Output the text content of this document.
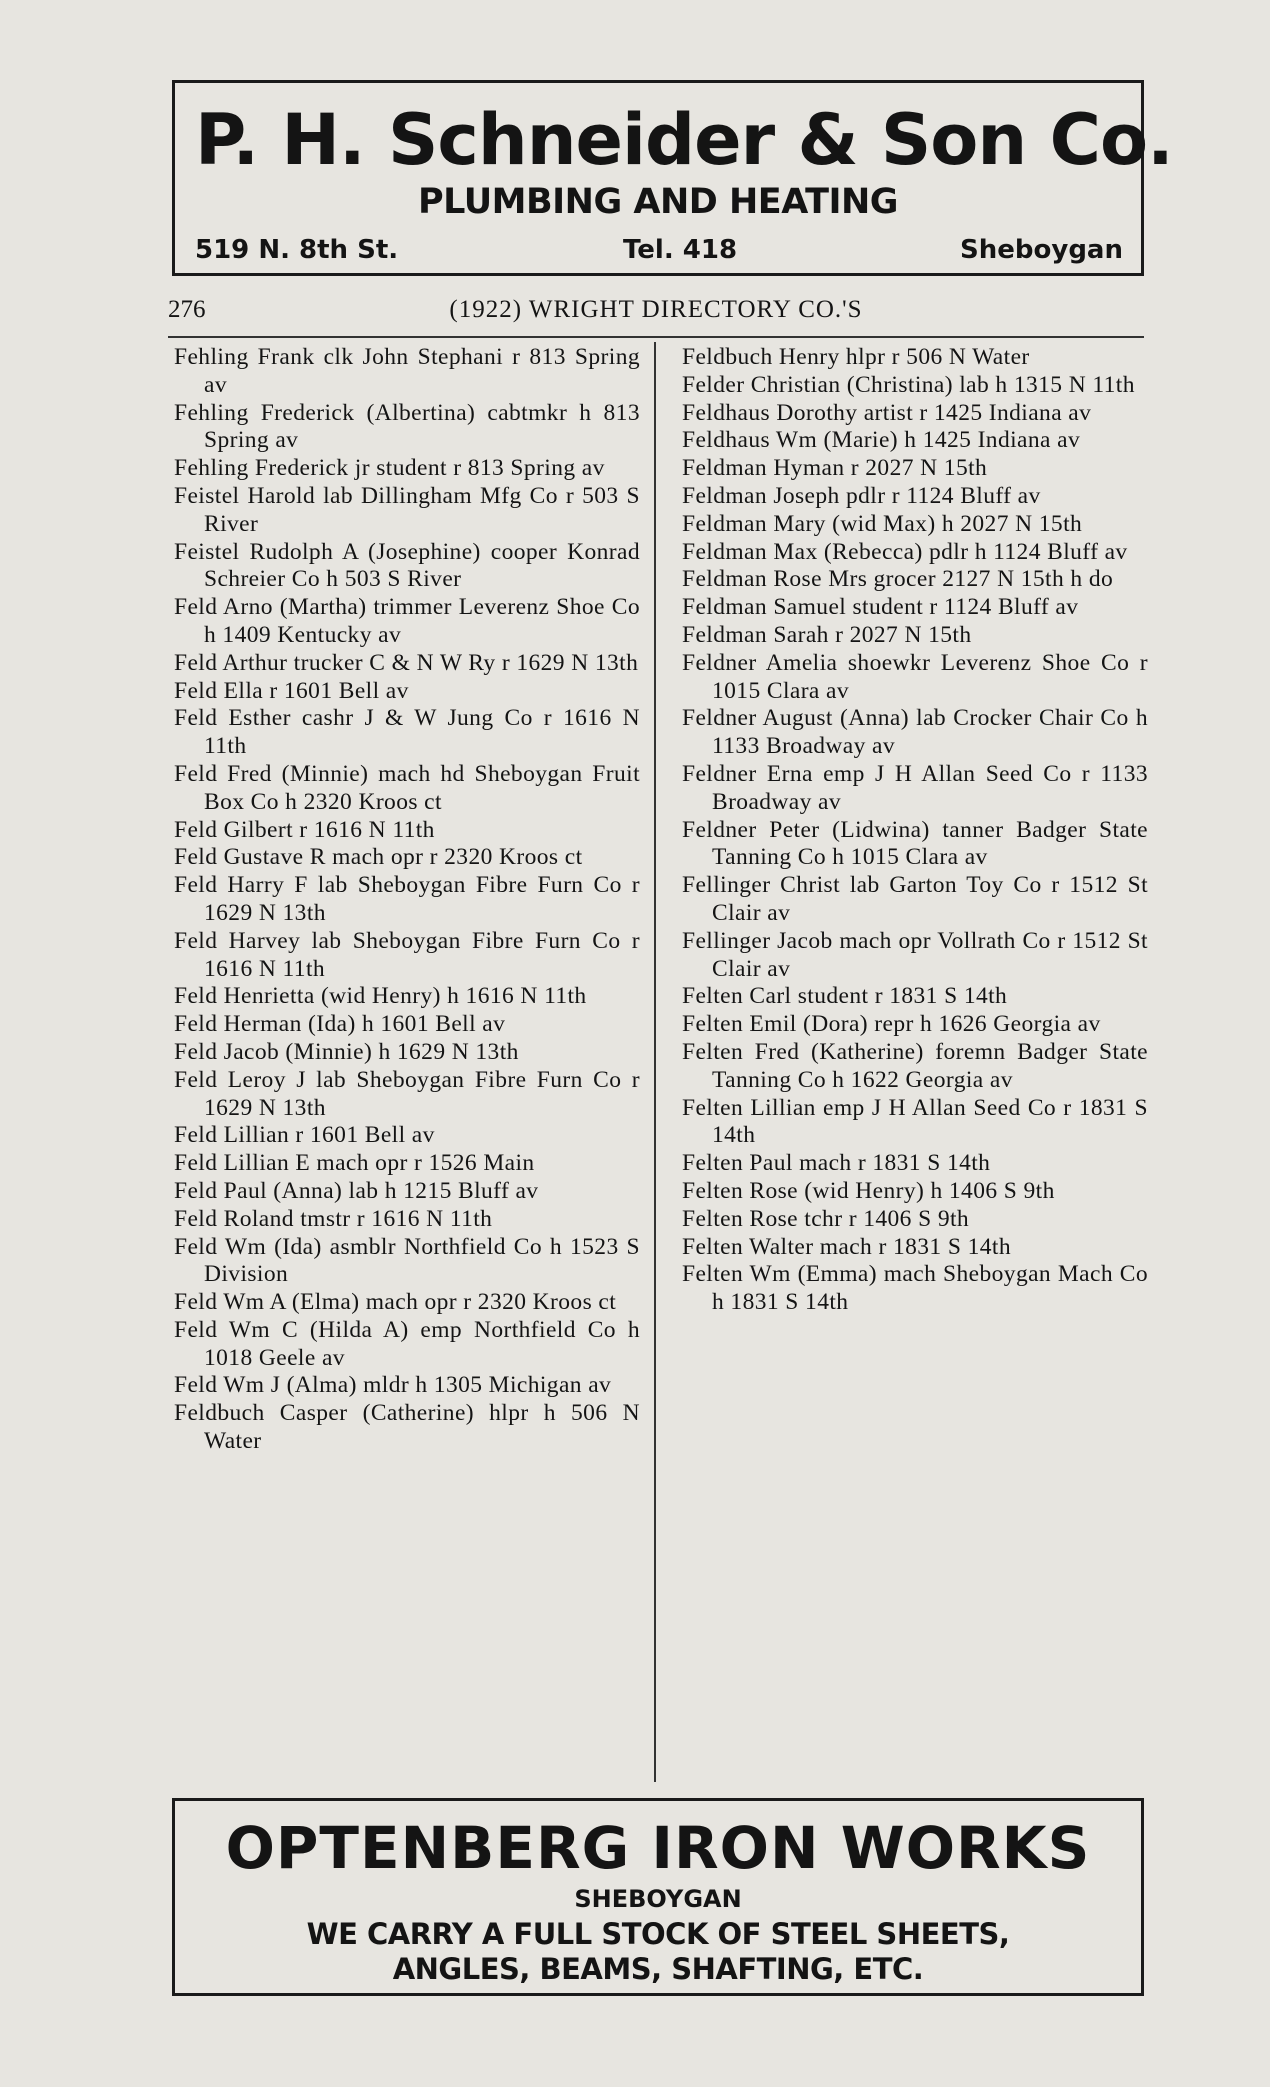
P. H. Schneider & Son Co.
PLUMBING AND HEATING
519 N. 8th St.	Tel. 418	Sheboygan
276	(1922) WRIGHT DIRECTORY CO.'S

Fehling Frank clk John Stephani r 813 Spring av

Fehling Frederick (Albertina) cabtmkr h 813 Spring av

Fehling Frederick jr student r 813 Spring av

Feistel Harold lab Dillingham Mfg Co r 503 S River

Feistel Rudolph A (Josephine) cooper Konrad Schreier Co h 503 S River

Feld Arno (Martha) trimmer Leverenz Shoe Co h 1409 Kentucky av

Feld Arthur trucker C & N W Ry r 1629 N 13th

Feld Ella r 1601 Bell av

Feld Esther cashr J & W Jung Co r 1616 N 11th

Feld Fred (Minnie) mach hd Sheboygan Fruit Box Co h 2320 Kroos ct

Feld Gilbert r 1616 N 11th

Feld Gustave R mach opr r 2320 Kroos ct

Feld Harry F lab Sheboygan Fibre Furn Co r 1629 N 13th

Feld Harvey lab Sheboygan Fibre Furn Co r 1616 N 11th

Feld Henrietta (wid Henry) h 1616 N 11th

Feld Herman (Ida) h 1601 Bell av

Feld Jacob (Minnie) h 1629 N 13th

Feld Leroy J lab Sheboygan Fibre Furn Co r 1629 N 13th

Feld Lillian r 1601 Bell av

Feld Lillian E mach opr r 1526 Main

Feld Paul (Anna) lab h 1215 Bluff av

Feld Roland tmstr r 1616 N 11th

Feld Wm (Ida) asmblr Northfield Co h 1523 S Division

Feld Wm A (Elma) mach opr r 2320 Kroos ct

Feld Wm C (Hilda A) emp Northfield Co h 1018 Geele av

Feld Wm J (Alma) mldr h 1305 Michigan av

Feldbuch Casper (Catherine) hlpr h 506 N Water

Feldbuch Henry hlpr r 506 N Water

Felder Christian (Christina) lab h 1315 N 11th

Feldhaus Dorothy artist r 1425 Indiana av

Feldhaus Wm (Marie) h 1425 Indiana av

Feldman Hyman r 2027 N 15th

Feldman Joseph pdlr r 1124 Bluff av

Feldman Mary (wid Max) h 2027 N 15th

Feldman Max (Rebecca) pdlr h 1124 Bluff av

Feldman Rose Mrs grocer 2127 N 15th h do

Feldman Samuel student r 1124 Bluff av

Feldman Sarah r 2027 N 15th

Feldner Amelia shoewkr Leverenz Shoe Co r 1015 Clara av

Feldner August (Anna) lab Crocker Chair Co h 1133 Broadway av

Feldner Erna emp J H Allan Seed Co r 1133 Broadway av

Feldner Peter (Lidwina) tanner Badger State Tanning Co h 1015 Clara av

Fellinger Christ lab Garton Toy Co r 1512 St Clair av

Fellinger Jacob mach opr Vollrath Co r 1512 St Clair av

Felten Carl student r 1831 S 14th

Felten Emil (Dora) repr h 1626 Georgia av

Felten Fred (Katherine) foremn Badger State Tanning Co h 1622 Georgia av

Felten Lillian emp J H Allan Seed Co r 1831 S 14th

Felten Paul mach r 1831 S 14th

Felten Rose (wid Henry) h 1406 S 9th

Felten Rose tchr r 1406 S 9th

Felten Walter mach r 1831 S 14th

Felten Wm (Emma) mach Sheboygan Mach Co h 1831 S 14th

OPTENBERG IRON WORKS
SHEBOYGAN
WE CARRY A FULL STOCK OF STEEL SHEETS,
ANGLES, BEAMS, SHAFTING, ETC.
